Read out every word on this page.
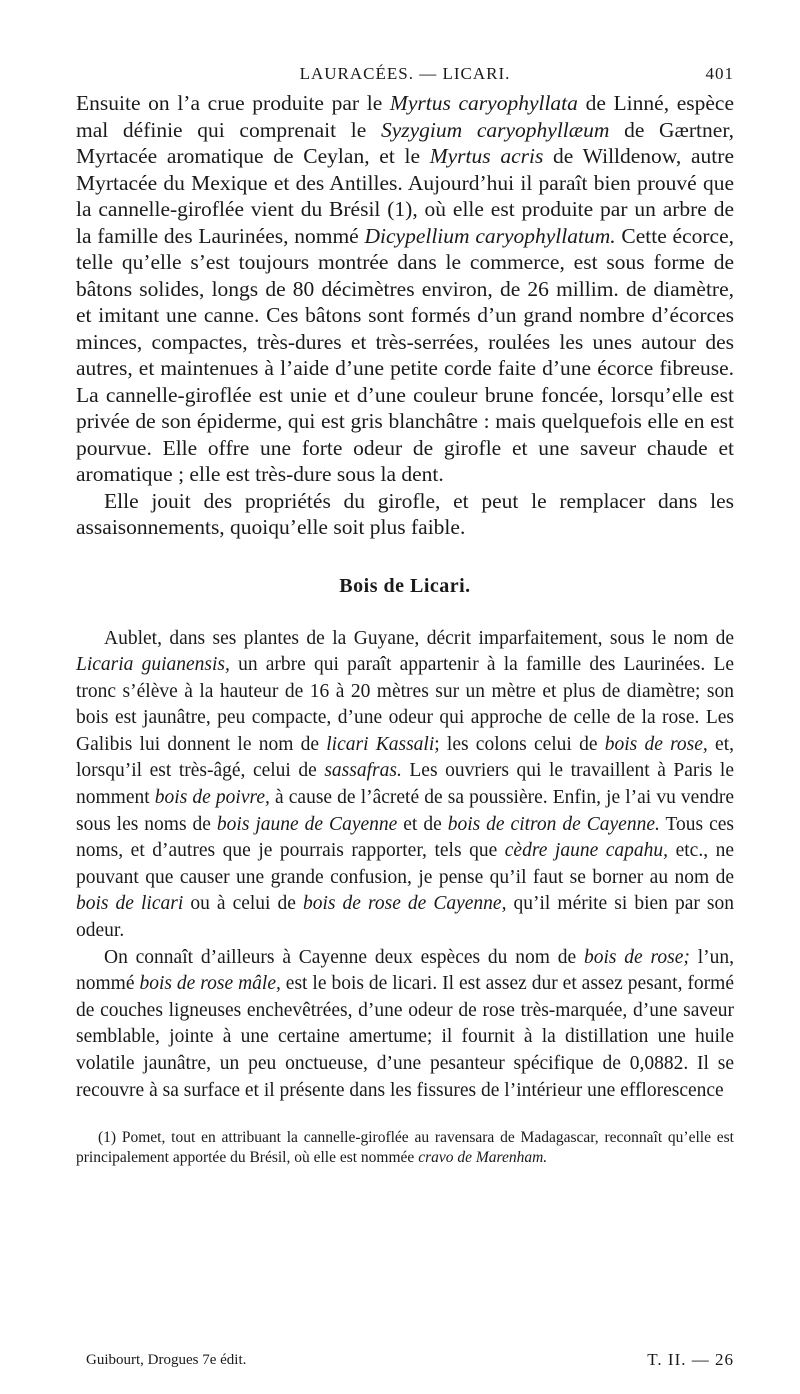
LAURACÉES. — LICARI.	401

Ensuite on l’a crue produite par le Myrtus caryophyllata de Linné, espèce mal définie qui comprenait le Syzygium caryophyllæum de Gærtner, Myrtacée aromatique de Ceylan, et le Myrtus acris de Willdenow, autre Myrtacée du Mexique et des Antilles. Aujourd’hui il paraît bien prouvé que la cannelle-giroflée vient du Brésil (1), où elle est produite par un arbre de la famille des Laurinées, nommé Dicypellium caryophyllatum. Cette écorce, telle qu’elle s’est toujours montrée dans le commerce, est sous forme de bâtons solides, longs de 80 décimètres environ, de 26 millim. de diamètre, et imitant une canne. Ces bâtons sont formés d’un grand nombre d’écorces minces, compactes, très-dures et très-serrées, roulées les unes autour des autres, et maintenues à l’aide d’une petite corde faite d’une écorce fibreuse. La cannelle-giroflée est unie et d’une couleur brune foncée, lorsqu’elle est privée de son épiderme, qui est gris blanchâtre : mais quelquefois elle en est pourvue. Elle offre une forte odeur de girofle et une saveur chaude et aromatique ; elle est très-dure sous la dent.

Elle jouit des propriétés du girofle, et peut le remplacer dans les assaisonnements, quoiqu’elle soit plus faible.

Bois de Licari.

Aublet, dans ses plantes de la Guyane, décrit imparfaitement, sous le nom de Licaria guianensis, un arbre qui paraît appartenir à la famille des Laurinées. Le tronc s’élève à la hauteur de 16 à 20 mètres sur un mètre et plus de diamètre; son bois est jaunâtre, peu compacte, d’une odeur qui approche de celle de la rose. Les Galibis lui donnent le nom de licari Kassali; les colons celui de bois de rose, et, lorsqu’il est très-âgé, celui de sassafras. Les ouvriers qui le travaillent à Paris le nomment bois de poivre, à cause de l’âcreté de sa poussière. Enfin, je l’ai vu vendre sous les noms de bois jaune de Cayenne et de bois de citron de Cayenne. Tous ces noms, et d’autres que je pourrais rapporter, tels que cèdre jaune capahu, etc., ne pouvant que causer une grande confusion, je pense qu’il faut se borner au nom de bois de licari ou à celui de bois de rose de Cayenne, qu’il mérite si bien par son odeur.

On connaît d’ailleurs à Cayenne deux espèces du nom de bois de rose; l’un, nommé bois de rose mâle, est le bois de licari. Il est assez dur et assez pesant, formé de couches ligneuses enchevêtrées, d’une odeur de rose très-marquée, d’une saveur semblable, jointe à une certaine amertume; il fournit à la distillation une huile volatile jaunâtre, un peu onctueuse, d’une pesanteur spécifique de 0,0882. Il se recouvre à sa surface et il présente dans les fissures de l’intérieur une efflorescence

(1) Pomet, tout en attribuant la cannelle-giroflée au ravensara de Madagascar, reconnaît qu’elle est principalement apportée du Brésil, où elle est nommée cravo de Marenham.

Guibourt, Drogues 7e édit.	T. II. — 26
